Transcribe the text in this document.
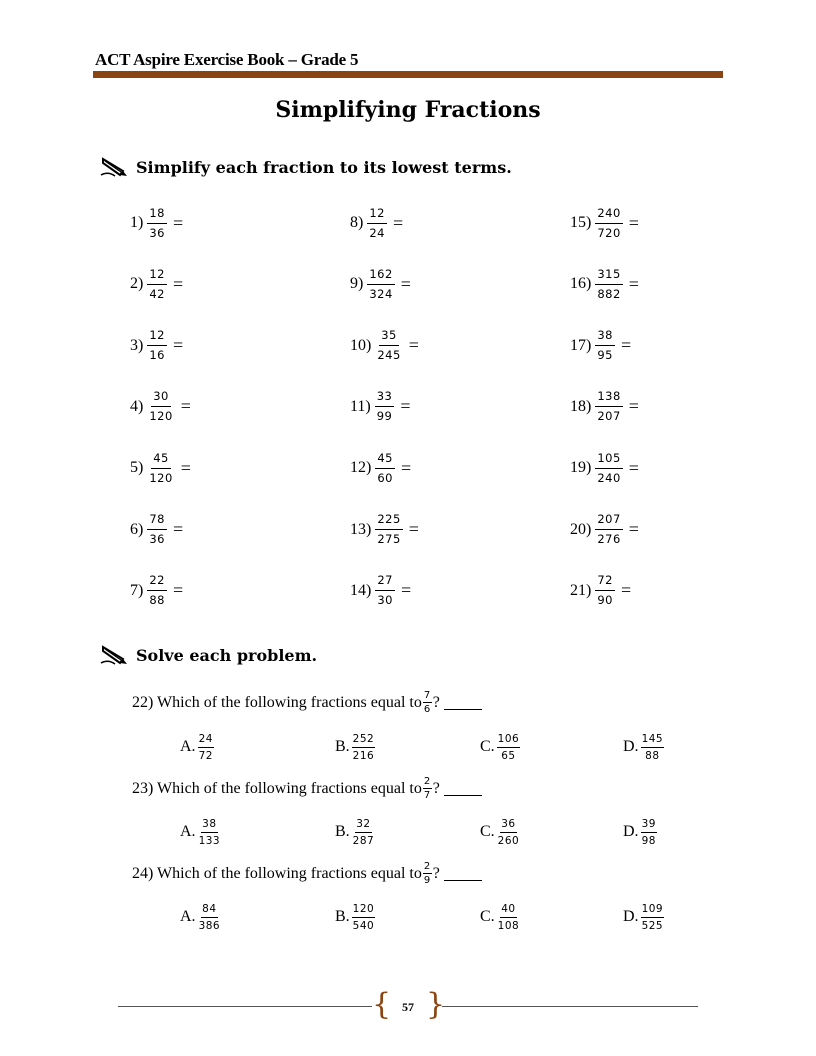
ACT Aspire Exercise Book – Grade 5
Simplifying Fractions
Simplify each fraction to its lowest terms.
$1) \frac{18}{36}$ =	$8) \frac{12}{24}$ =	$15) \frac{240}{720}$ =
$2) \frac{12}{42}$ =	$9) \frac{162}{324}$ =	$16) \frac{315}{882}$ =
$3) \frac{12}{16}$ =	$10) \frac{35}{245}$ =	$17) \frac{38}{95}$ =
$4) \frac{30}{120}$ =	$11) \frac{33}{99}$ =	$18) \frac{138}{207}$ =
$5) \frac{45}{120}$ =	$12) \frac{45}{60}$ =	$19) \frac{105}{240}$ =
$6) \frac{78}{36}$ =	$13) \frac{225}{275}$ =	$20) \frac{207}{276}$ =
$7) \frac{22}{88}$ =	$14) \frac{27}{30}$ =	$21) \frac{72}{90}$ =
Solve each problem.
22) Which of the following fractions equal to $\frac{7}{6}$ ?
A. $\frac{24}{72}$	B. $\frac{252}{216}$	C. $\frac{106}{65}$	D. $\frac{145}{88}$
23) Which of the following fractions equal to $\frac{2}{7}$ ?
A. $\frac{38}{133}$	B. $\frac{32}{287}$	C. $\frac{36}{260}$	D. $\frac{39}{98}$
24) Which of the following fractions equal to $\frac{2}{9}$ ?
A. $\frac{84}{386}$	B. $\frac{120}{540}$	C. $\frac{40}{108}$	D. $\frac{109}{525}$
{ }
57
